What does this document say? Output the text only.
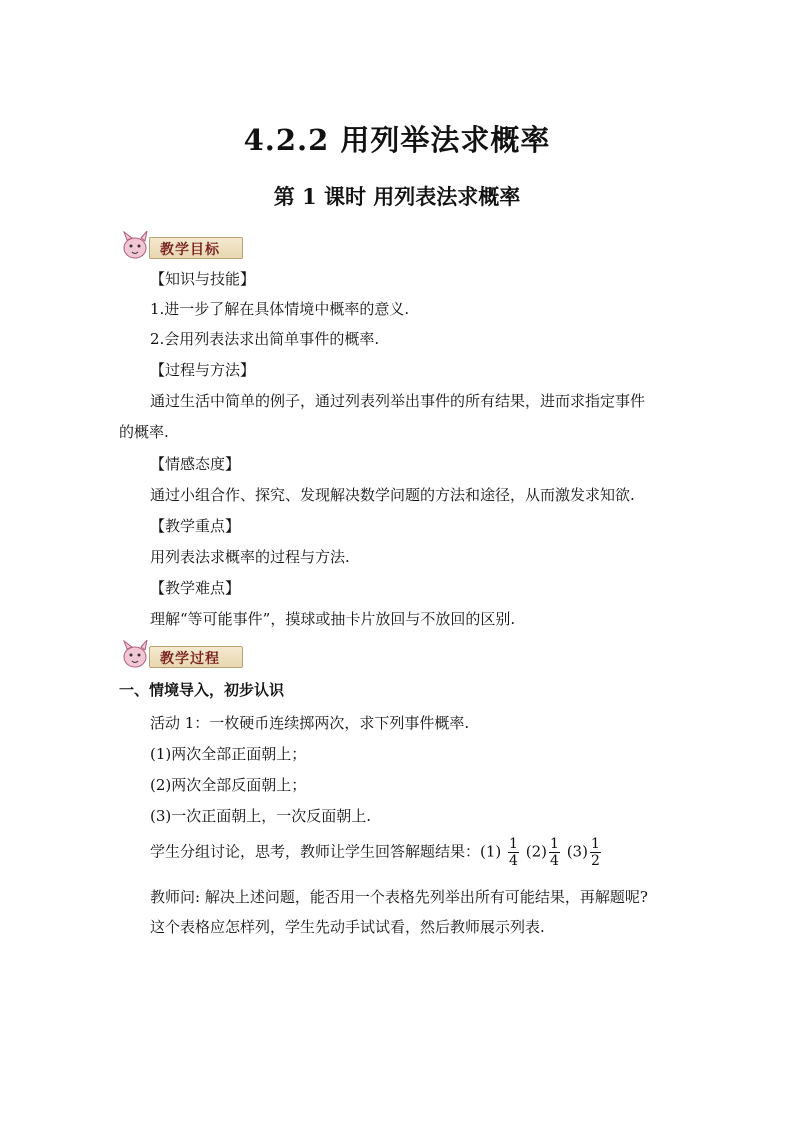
4.2.2 用列举法求概率
第 1 课时 用列表法求概率
教学目标
【知识与技能】
1.进一步了解在具体情境中概率的意义.
2.会用列表法求出简单事件的概率.
【过程与方法】
通过生活中简单的例子，通过列表列举出事件的所有结果，进而求指定事件
的概率.
【情感态度】
通过小组合作、探究、发现解决数学问题的方法和途径，从而激发求知欲.
【教学重点】
用列表法求概率的过程与方法.
【教学难点】
理解“等可能事件”，摸球或抽卡片放回与不放回的区别.
教学过程
一、情境导入，初步认识
活动 1：一枚硬币连续掷两次，求下列事件概率.
(1)两次全部正面朝上；
(2)两次全部反面朝上；
(3)一次正面朝上，一次反面朝上.
学生分组讨论，思考，教师让学生回答解题结果：$(1) \frac{1}{4} (2) \frac{1}{4} (3) \frac{1}{2}$
教师问: 解决上述问题，能否用一个表格先列举出所有可能结果，再解题呢?
这个表格应怎样列，学生先动手试试看，然后教师展示列表.
